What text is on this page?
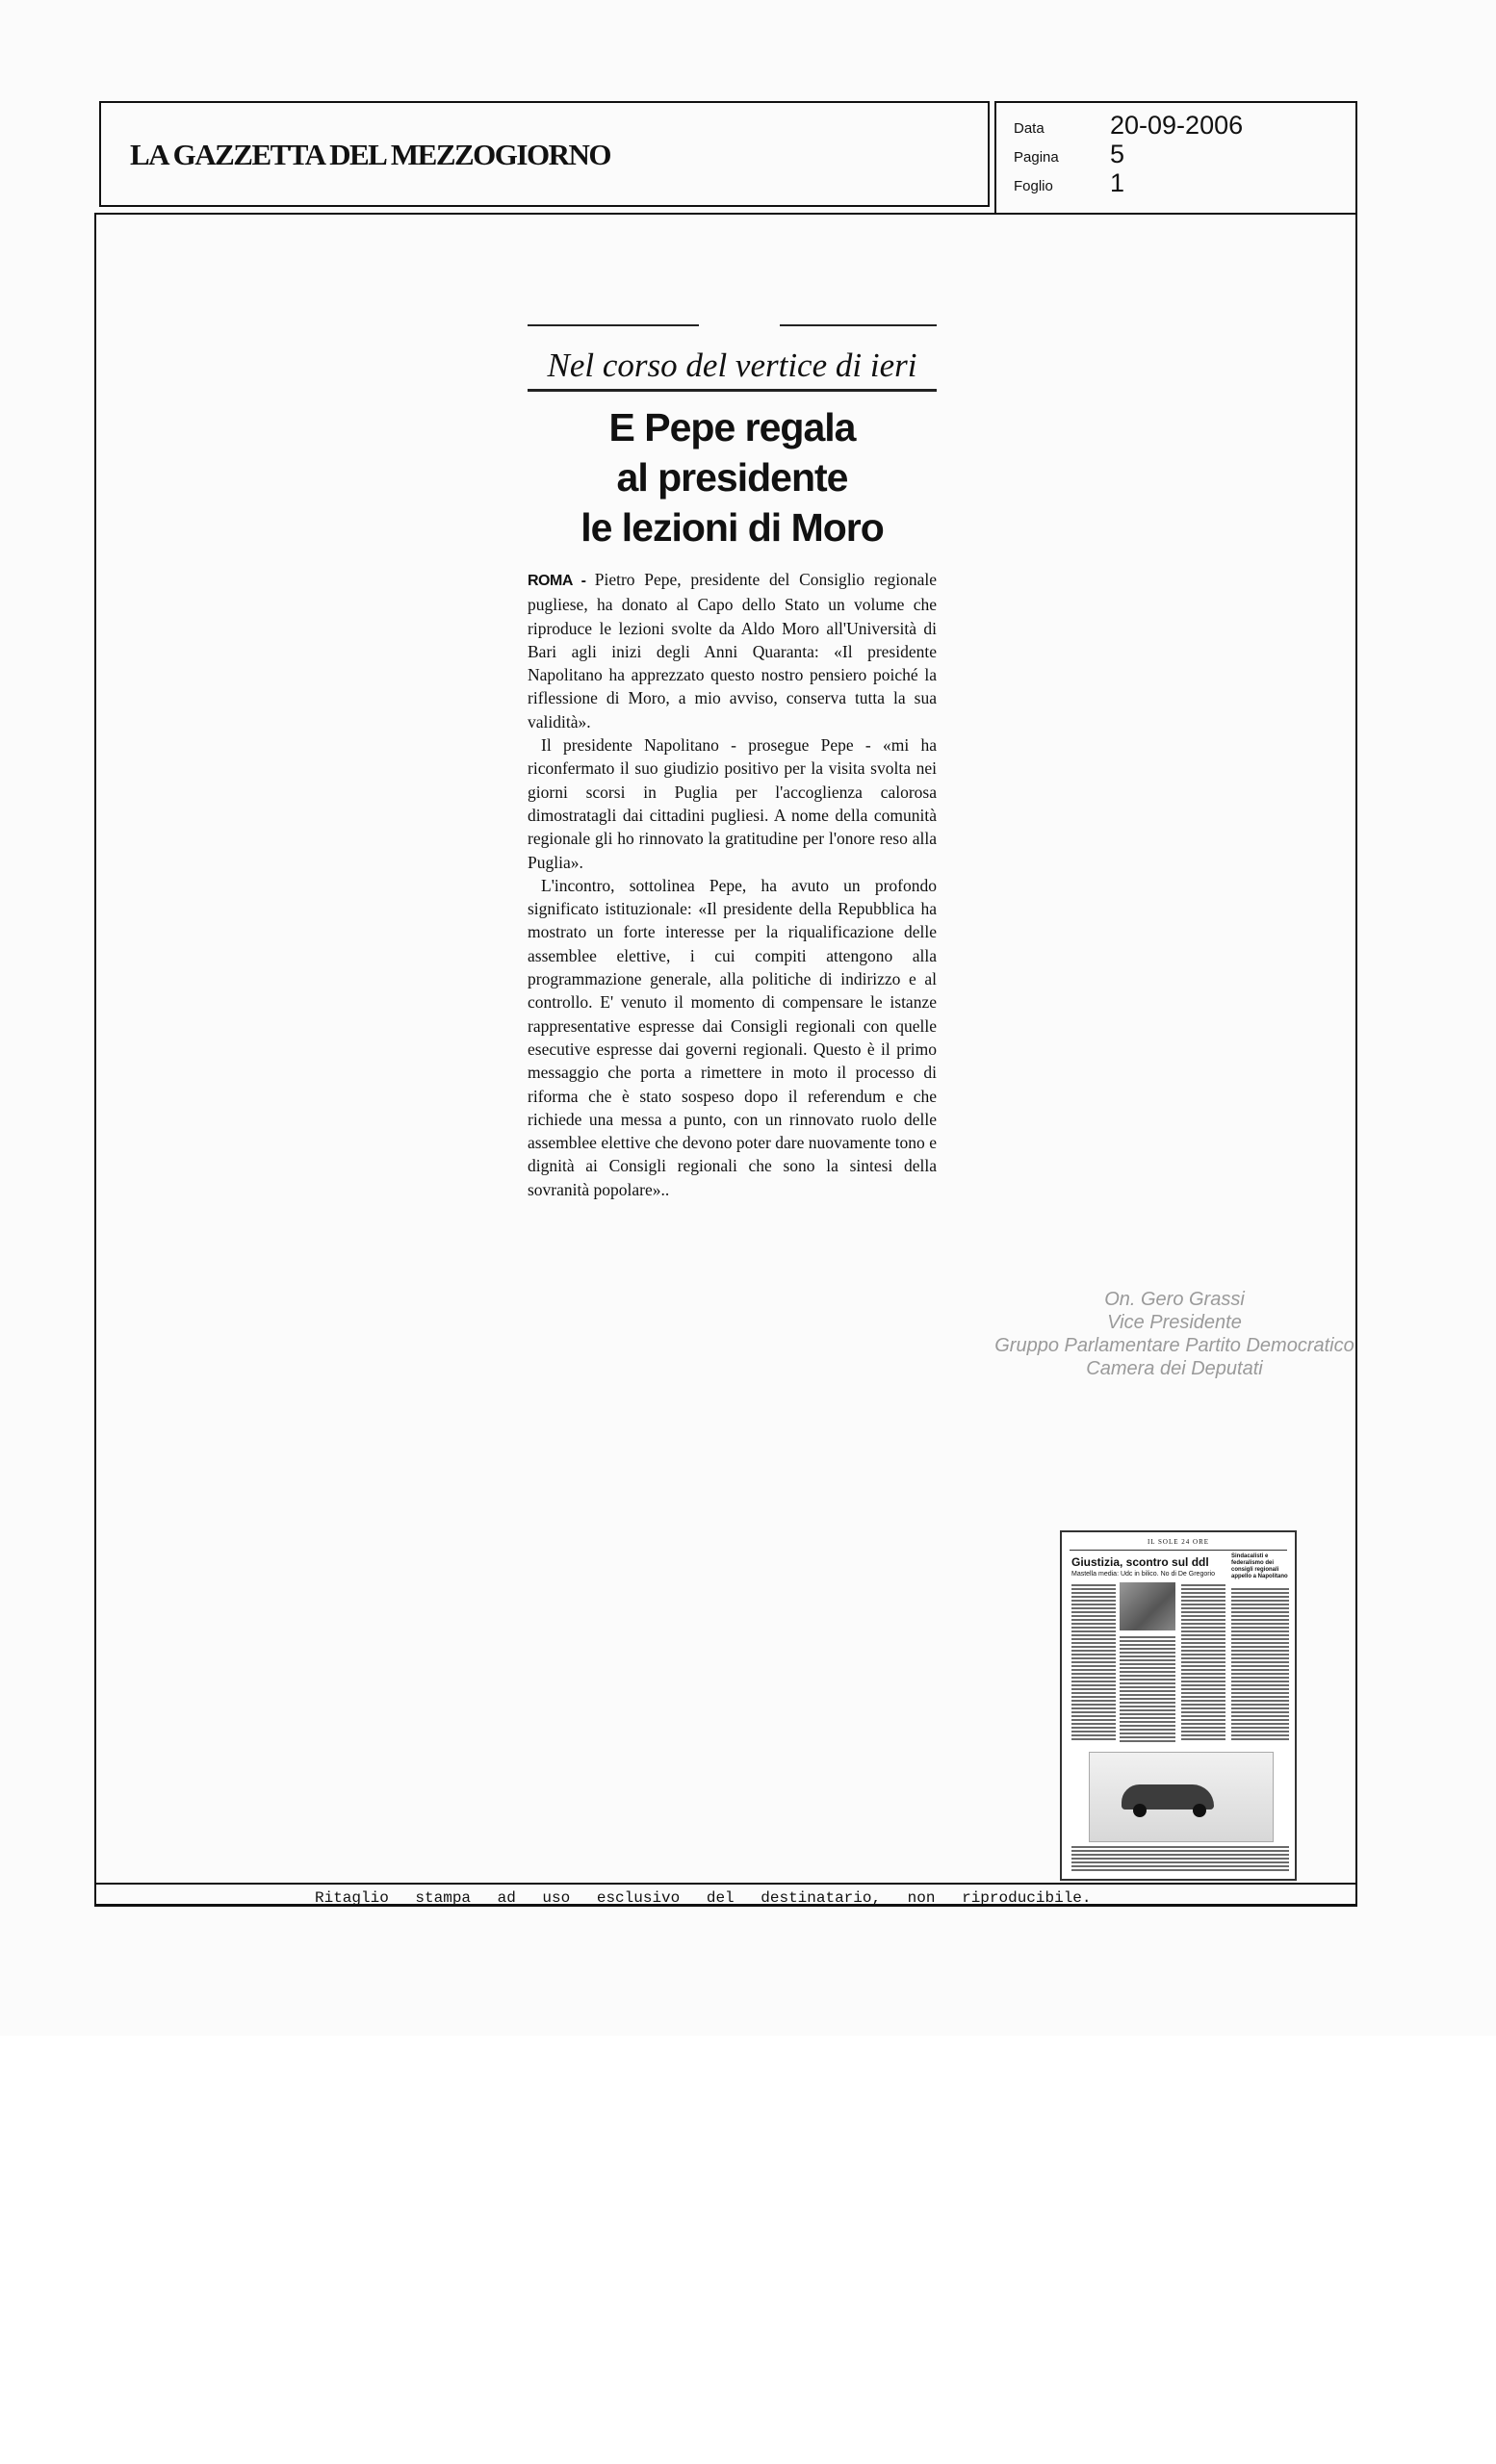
LA GAZZETTA DEL MEZZOGIORNO
Data	20-09-2006
Pagina 5
Foglio 1
Nel corso del vertice di ieri
E Pepe regala
al presidente
le lezioni di Moro

ROMA - Pietro Pepe, presidente del Consiglio regionale pugliese, ha donato al Capo dello Stato un volume che riproduce le lezioni svolte da Aldo Moro all'Università di Bari agli inizi degli Anni Quaranta: «Il presidente Napolitano ha apprezzato questo nostro pensiero poiché la riflessione di Moro, a mio avviso, conserva tutta la sua validità».

Il presidente Napolitano - prosegue Pepe - «mi ha riconfermato il suo giudizio positivo per la visita svolta nei giorni scorsi in Puglia per l'accoglienza calorosa dimostratagli dai cittadini pugliesi. A nome della comunità regionale gli ho rinnovato la gratitudine per l'onore reso alla Puglia».

L'incontro, sottolinea Pepe, ha avuto un profondo significato istituzionale: «Il presidente della Repubblica ha mostrato un forte interesse per la riqualificazione delle assemblee elettive, i cui compiti attengono alla programmazione generale, alla politiche di indirizzo e al controllo. E' venuto il momento di compensare le istanze rappresentative espresse dai Consigli regionali con quelle esecutive espresse dai governi regionali. Questo è il primo messaggio che porta a rimettere in moto il processo di riforma che è stato sospeso dopo il referendum e che richiede una messa a punto, con un rinnovato ruolo delle assemblee elettive che devono poter dare nuovamente tono e dignità ai Consigli regionali che sono la sintesi della sovranità popolare»..

On. Gero Grassi
Vice Presidente
Gruppo Parlamentare Partito Democratico
Camera dei Deputati
IL SOLE 24 ORE
Giustizia, scontro sul ddl
Mastella media: Udc in bilico. No di De Gregorio
Sindacalisti e federalismo dei consigli regionali appello a Napolitano
Ritaglio stampa ad uso esclusivo del destinatario, non riproducibile.
